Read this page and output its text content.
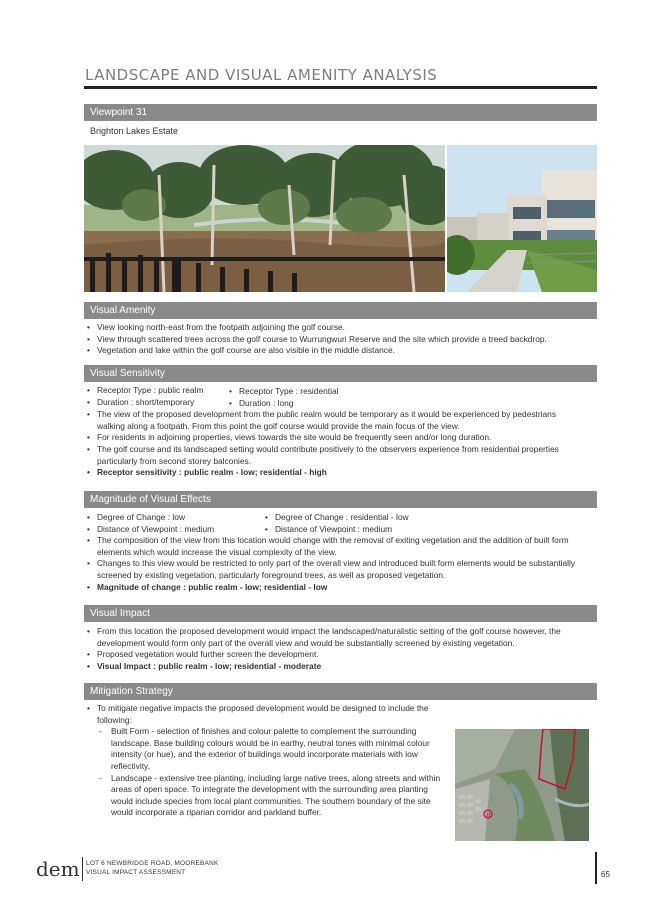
LANDSCAPE AND VISUAL AMENITY ANALYSIS
Viewpoint 31
Brighton Lakes Estate
Visual Amenity
• View looking north-east from the footpath adjoining the golf course.
• View through scattered trees across the golf course to Wurrungwuri Reserve and the site which provide a treed backdrop.
• Vegetation and lake within the golf course are also visible in the middle distance.
Visual Sensitivity
• Receptor Type : public realm
• Duration : short/temporary
• Receptor Type : residential
• Duration : long
• The view of the proposed development from the public realm would be temporary as it would be experienced by pedestrians walking along a footpath. From this point the golf course would provide the main focus of the view.
• For residents in adjoining properties, views towards the site would be frequently seen and/or long duration.
• The golf course and its landscaped setting would contribute positively to the observers experience from residential properties particularly from second storey balconies.
• Receptor sensitivity : public realm - low; residential - high
Magnitude of Visual Effects
• Degree of Change : low
• Distance of Viewpoint : medium
• Degree of Change : residential - low
• Distance of Viewpoint : medium
• The composition of the view from this location would change with the removal of exiting vegetation and the addition of built form elements which would increase the visual complexity of the view.
• Changes to this view would be restricted to only part of the overall view and introduced built form elements would be substantially screened by existing vegetation, particularly foreground trees, as well as proposed vegetation.
• Magnitude of change : public realm - low; residential - low
Visual Impact
• From this location the proposed development would impact the landscaped/naturalistic setting of the golf course however, the development would form only part of the overall view and would be substantially screened by existing vegetation.
• Proposed vegetation would further screen the development.
• Visual Impact : public realm - low; residential - moderate
Mitigation Strategy
• To mitigate negative impacts the proposed development would be designed to include the following:
- Built Form - selection of finishes and colour palette to complement the surrounding landscape. Base building colours would be in earthy, neutral tones with minimal colour intensity (or hue), and the exterior of buildings would incorporate materials with low reflectivity.
- Landscape - extensive tree planting, including large native trees, along streets and within areas of open space. To integrate the development with the surrounding area planting would include species from local plant communities. The southern boundary of the site would incorporate a riparian corridor and parkland buffer.	31
dem LOT 6 NEWBRIDGE ROAD, MOOREBANK
VISUAL IMPACT ASSESSMENT	65
